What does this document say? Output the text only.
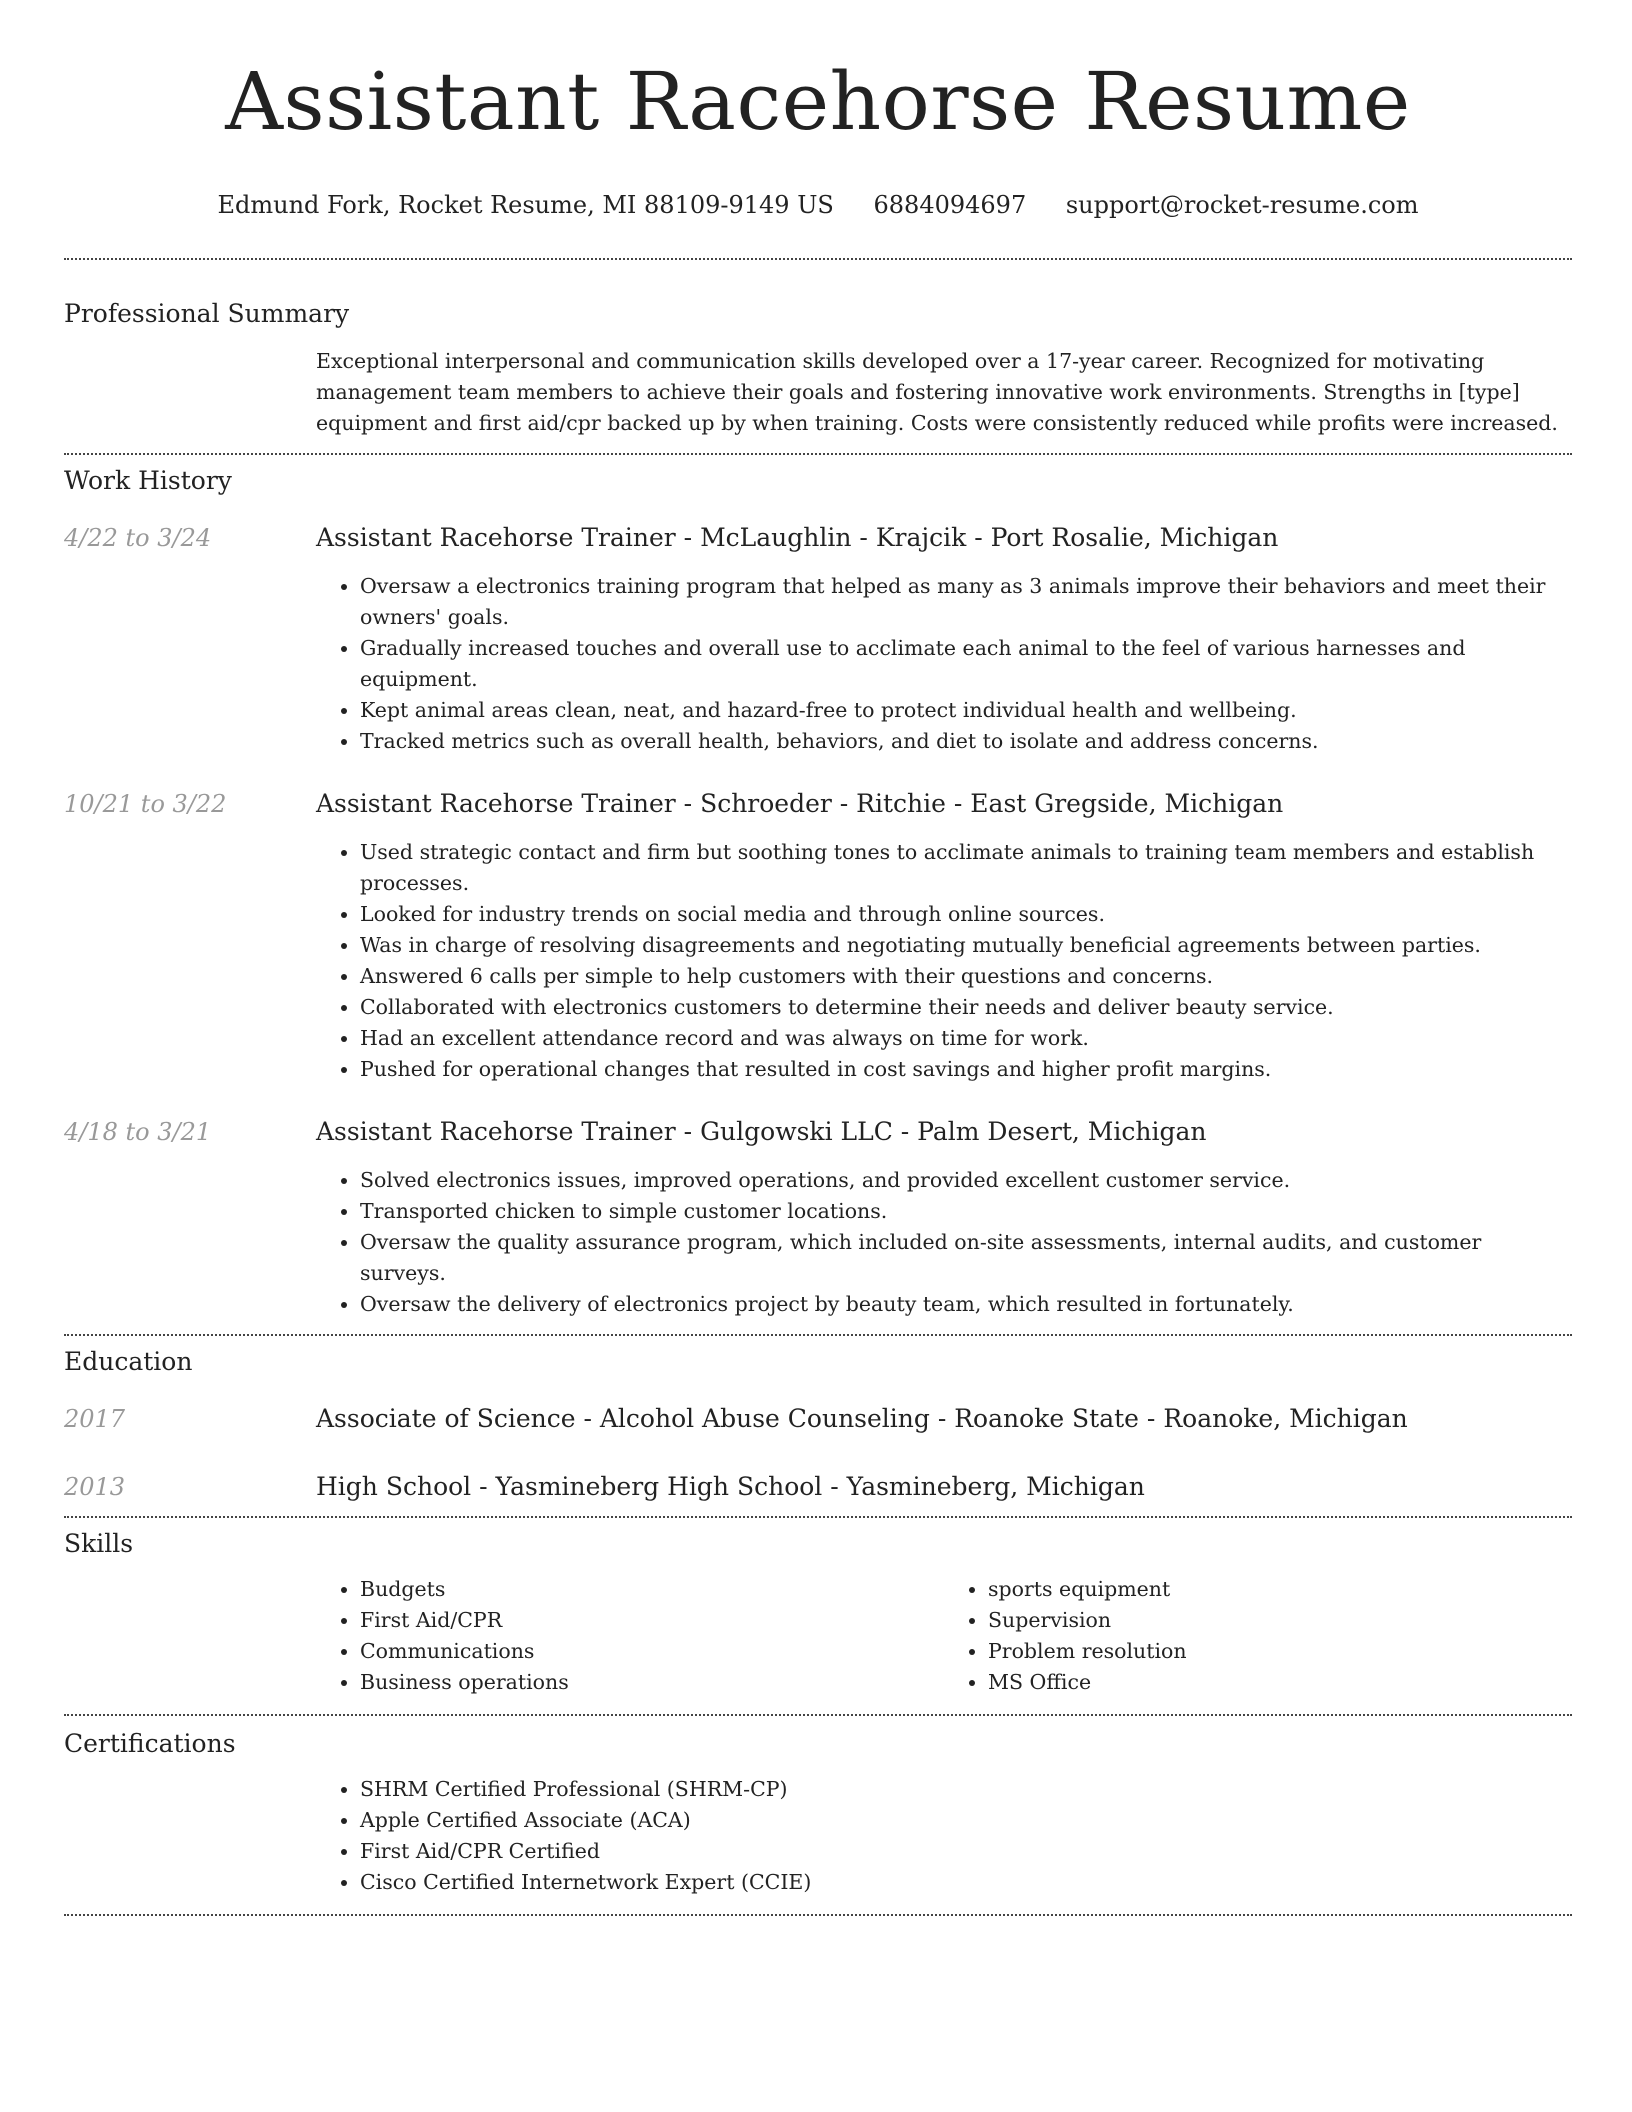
Assistant Racehorse Resume
Edmund Fork, Rocket Resume, MI 88109-9149 US 6884094697 support@rocket-resume.com
Professional Summary

Exceptional interpersonal and communication skills developed over a 17-year career. Recognized for motivating management team members to achieve their goals and fostering innovative work environments. Strengths in [type] equipment and first aid/cpr backed up by when training. Costs were consistently reduced while profits were increased.

Work History
4/22 to 3/24	Assistant Racehorse Trainer - McLaughlin - Krajcik - Port Rosalie, Michigan
• Oversaw a electronics training program that helped as many as 3 animals improve their behaviors and meet their owners' goals.
• Gradually increased touches and overall use to acclimate each animal to the feel of various harnesses and equipment.
• Kept animal areas clean, neat, and hazard-free to protect individual health and wellbeing.
• Tracked metrics such as overall health, behaviors, and diet to isolate and address concerns.
10/21 to 3/22	Assistant Racehorse Trainer - Schroeder - Ritchie - East Gregside, Michigan
• Used strategic contact and firm but soothing tones to acclimate animals to training team members and establish processes.
• Looked for industry trends on social media and through online sources.
• Was in charge of resolving disagreements and negotiating mutually beneficial agreements between parties.
• Answered 6 calls per simple to help customers with their questions and concerns.
• Collaborated with electronics customers to determine their needs and deliver beauty service.
• Had an excellent attendance record and was always on time for work.
• Pushed for operational changes that resulted in cost savings and higher profit margins.
4/18 to 3/21	Assistant Racehorse Trainer - Gulgowski LLC - Palm Desert, Michigan
• Solved electronics issues, improved operations, and provided excellent customer service.
• Transported chicken to simple customer locations.
• Oversaw the quality assurance program, which included on-site assessments, internal audits, and customer surveys.
• Oversaw the delivery of electronics project by beauty team, which resulted in fortunately.
Education
2017	Associate of Science - Alcohol Abuse Counseling - Roanoke State - Roanoke, Michigan
2013	High School - Yasmineberg High School - Yasmineberg, Michigan
Skills
• Budgets
• First Aid/CPR
• Communications
• Business operations
• sports equipment
• Supervision
• Problem resolution
• MS Office
Certifications
• SHRM Certified Professional (SHRM-CP)
• Apple Certified Associate (ACA)
• First Aid/CPR Certified
• Cisco Certified Internetwork Expert (CCIE)
